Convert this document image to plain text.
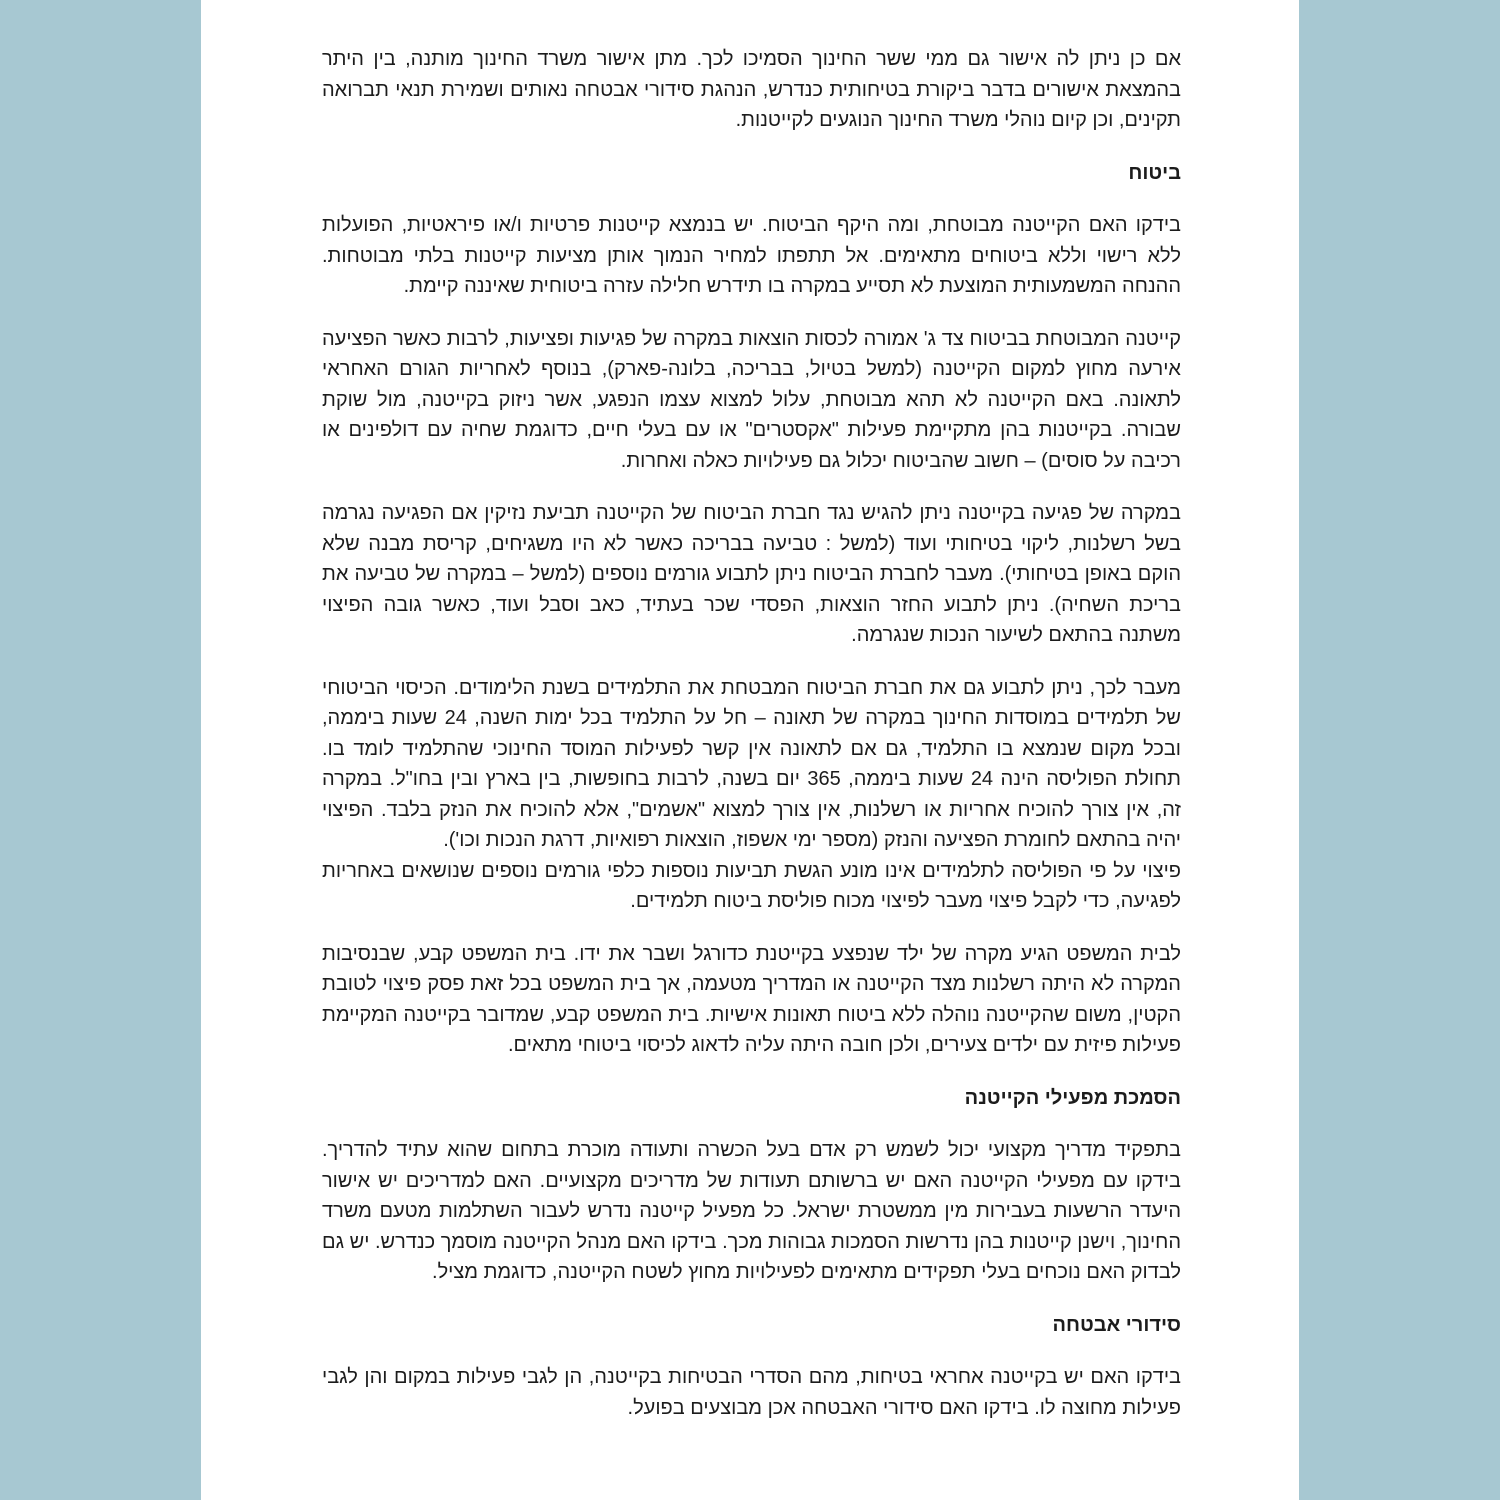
אם כן ניתן לה אישור גם ממי ששר החינוך הסמיכו לכך. מתן אישור משרד החינוך מותנה, בין היתר בהמצאת אישורים בדבר ביקורת בטיחותית כנדרש, הנהגת סידורי אבטחה נאותים ושמירת תנאי תברואה תקינים, וכן קיום נוהלי משרד החינוך הנוגעים לקייטנות.

ביטוח

בידקו האם הקייטנה מבוטחת, ומה היקף הביטוח. יש בנמצא קייטנות פרטיות ו/או פיראטיות, הפועלות ללא רישוי וללא ביטוחים מתאימים. אל תתפתו למחיר הנמוך אותן מציעות קייטנות בלתי מבוטחות. ההנחה המשמעותית המוצעת לא תסייע במקרה בו תידרש חלילה עזרה ביטוחית שאיננה קיימת.

קייטנה המבוטחת בביטוח צד ג' אמורה לכסות הוצאות במקרה של פגיעות ופציעות, לרבות כאשר הפציעה אירעה מחוץ למקום הקייטנה (למשל בטיול, בבריכה, בלונה-פארק), בנוסף לאחריות הגורם האחראי לתאונה. באם הקייטנה לא תהא מבוטחת, עלול למצוא עצמו הנפגע, אשר ניזוק בקייטנה, מול שוקת שבורה. בקייטנות בהן מתקיימת פעילות "אקסטרים" או עם בעלי חיים, כדוגמת שחיה עם דולפינים או רכיבה על סוסים) – חשוב שהביטוח יכלול גם פעילויות כאלה ואחרות.

במקרה של פגיעה בקייטנה ניתן להגיש נגד חברת הביטוח של הקייטנה תביעת נזיקין אם הפגיעה נגרמה בשל רשלנות, ליקוי בטיחותי ועוד (למשל : טביעה בבריכה כאשר לא היו משגיחים, קריסת מבנה שלא הוקם באופן בטיחותי). מעבר לחברת הביטוח ניתן לתבוע גורמים נוספים (למשל – במקרה של טביעה את בריכת השחיה). ניתן לתבוע החזר הוצאות, הפסדי שכר בעתיד, כאב וסבל ועוד, כאשר גובה הפיצוי משתנה בהתאם לשיעור הנכות שנגרמה.

מעבר לכך, ניתן לתבוע גם את חברת הביטוח המבטחת את התלמידים בשנת הלימודים. הכיסוי הביטוחי של תלמידים במוסדות החינוך במקרה של תאונה – חל על התלמיד בכל ימות השנה, 24 שעות ביממה, ובכל מקום שנמצא בו התלמיד, גם אם לתאונה אין קשר לפעילות המוסד החינוכי שהתלמיד לומד בו. תחולת הפוליסה הינה 24 שעות ביממה, 365 יום בשנה, לרבות בחופשות, בין בארץ ובין בחו"ל. במקרה זה, אין צורך להוכיח אחריות או רשלנות, אין צורך למצוא "אשמים", אלא להוכיח את הנזק בלבד. הפיצוי יהיה בהתאם לחומרת הפציעה והנזק (מספר ימי אשפוז, הוצאות רפואיות, דרגת הנכות וכו').

פיצוי על פי הפוליסה לתלמידים אינו מונע הגשת תביעות נוספות כלפי גורמים נוספים שנושאים באחריות לפגיעה, כדי לקבל פיצוי מעבר לפיצוי מכוח פוליסת ביטוח תלמידים.

לבית המשפט הגיע מקרה של ילד שנפצע בקייטנת כדורגל ושבר את ידו. בית המשפט קבע, שבנסיבות המקרה לא היתה רשלנות מצד הקייטנה או המדריך מטעמה, אך בית המשפט בכל זאת פסק פיצוי לטובת הקטין, משום שהקייטנה נוהלה ללא ביטוח תאונות אישיות. בית המשפט קבע, שמדובר בקייטנה המקיימת פעילות פיזית עם ילדים צעירים, ולכן חובה היתה עליה לדאוג לכיסוי ביטוחי מתאים.

הסמכת מפעילי הקייטנה

בתפקיד מדריך מקצועי יכול לשמש רק אדם בעל הכשרה ותעודה מוכרת בתחום שהוא עתיד להדריך. בידקו עם מפעילי הקייטנה האם יש ברשותם תעודות של מדריכים מקצועיים. האם למדריכים יש אישור היעדר הרשעות בעבירות מין ממשטרת ישראל. כל מפעיל קייטנה נדרש לעבור השתלמות מטעם משרד החינוך, וישנן קייטנות בהן נדרשות הסמכות גבוהות מכך. בידקו האם מנהל הקייטנה מוסמך כנדרש. יש גם לבדוק האם נוכחים בעלי תפקידים מתאימים לפעילויות מחוץ לשטח הקייטנה, כדוגמת מציל.

סידורי אבטחה

בידקו האם יש בקייטנה אחראי בטיחות, מהם הסדרי הבטיחות בקייטנה, הן לגבי פעילות במקום והן לגבי פעילות מחוצה לו. בידקו האם סידורי האבטחה אכן מבוצעים בפועל.
